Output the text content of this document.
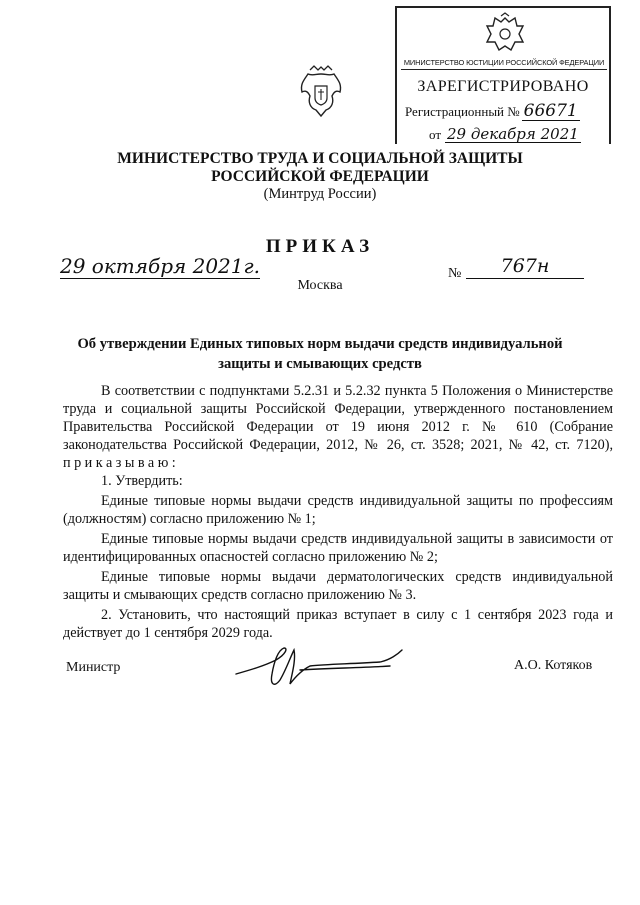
МИНИСТЕРСТВО ЮСТИЦИИ РОССИЙСКОЙ ФЕДЕРАЦИИ
ЗАРЕГИСТРИРОВАНО
Регистрационный № 66671
от 29 декабря 2021
МИНИСТЕРСТВО ТРУДА И СОЦИАЛЬНОЙ ЗАЩИТЫ
РОССИЙСКОЙ ФЕДЕРАЦИИ
(Минтруд России)
ПРИКАЗ
29 октября 2021г.	№	767н
Москва
Об утверждении Единых типовых норм выдачи средств индивидуальной
защиты и смывающих средств

В соответствии с подпунктами 5.2.31 и 5.2.32 пункта 5 Положения о Министерстве труда и социальной защиты Российской Федерации, утвержденного постановлением Правительства Российской Федерации от 19 июня 2012 г. № 610 (Собрание законодательства Российской Федерации, 2012, № 26, ст. 3528; 2021, № 42, ст. 7120), приказываю:

1. Утвердить:

Единые типовые нормы выдачи средств индивидуальной защиты по профессиям (должностям) согласно приложению № 1;

Единые типовые нормы выдачи средств индивидуальной защиты в зависимости от идентифицированных опасностей согласно приложению № 2;

Единые типовые нормы выдачи дерматологических средств индивидуальной защиты и смывающих средств согласно приложению № 3.

2. Установить, что настоящий приказ вступает в силу с 1 сентября 2023 года и действует до 1 сентября 2029 года.

Министр	А.О. Котяков
